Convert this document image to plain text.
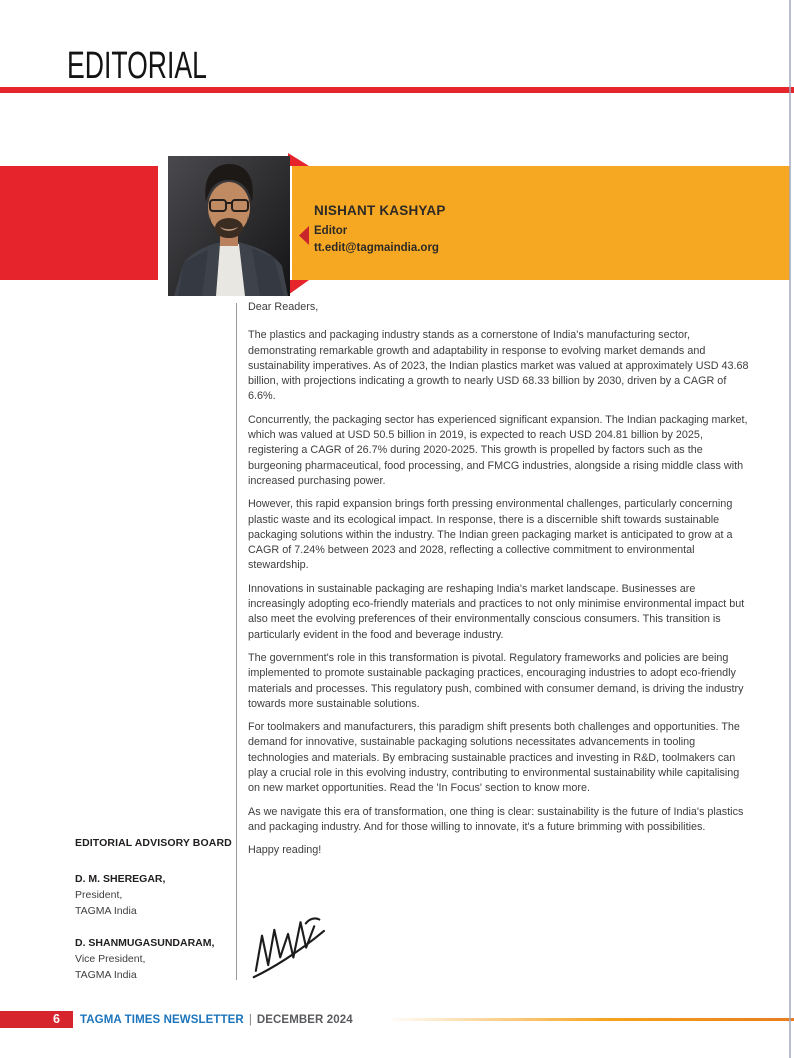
EDITORIAL
NISHANT KASHYAP
Editor
tt.edit@tagmaindia.org

Dear Readers,

The plastics and packaging industry stands as a cornerstone of India's manufacturing sector, demonstrating remarkable growth and adaptability in response to evolving market demands and sustainability imperatives. As of 2023, the Indian plastics market was valued at approximately USD 43.68 billion, with projections indicating a growth to nearly USD 68.33 billion by 2030, driven by a CAGR of 6.6%.

Concurrently, the packaging sector has experienced significant expansion. The Indian packaging market, which was valued at USD 50.5 billion in 2019, is expected to reach USD 204.81 billion by 2025, registering a CAGR of 26.7% during 2020-2025. This growth is propelled by factors such as the burgeoning pharmaceutical, food processing, and FMCG industries, alongside a rising middle class with increased purchasing power.

However, this rapid expansion brings forth pressing environmental challenges, particularly concerning plastic waste and its ecological impact. In response, there is a discernible shift towards sustainable packaging solutions within the industry. The Indian green packaging market is anticipated to grow at a CAGR of 7.24% between 2023 and 2028, reflecting a collective commitment to environmental stewardship.

Innovations in sustainable packaging are reshaping India's market landscape. Businesses are increasingly adopting eco-friendly materials and practices to not only minimise environmental impact but also meet the evolving preferences of their environmentally conscious consumers. This transition is particularly evident in the food and beverage industry.

The government's role in this transformation is pivotal. Regulatory frameworks and policies are being implemented to promote sustainable packaging practices, encouraging industries to adopt eco-friendly materials and processes. This regulatory push, combined with consumer demand, is driving the industry towards more sustainable solutions.

For toolmakers and manufacturers, this paradigm shift presents both challenges and opportunities. The demand for innovative, sustainable packaging solutions necessitates advancements in tooling technologies and materials. By embracing sustainable practices and investing in R&D, toolmakers can play a crucial role in this evolving industry, contributing to environmental sustainability while capitalising on new market opportunities. Read the 'In Focus' section to know more.

As we navigate this era of transformation, one thing is clear: sustainability is the future of India's plastics and packaging industry. And for those willing to innovate, it's a future brimming with possibilities.

Happy reading!

EDITORIAL ADVISORY BOARD
D. M. SHEREGAR,
President,
TAGMA India
D. SHANMUGASUNDARAM,
Vice President,
TAGMA India
6	TAGMA TIMES NEWSLETTER | DECEMBER 2024
